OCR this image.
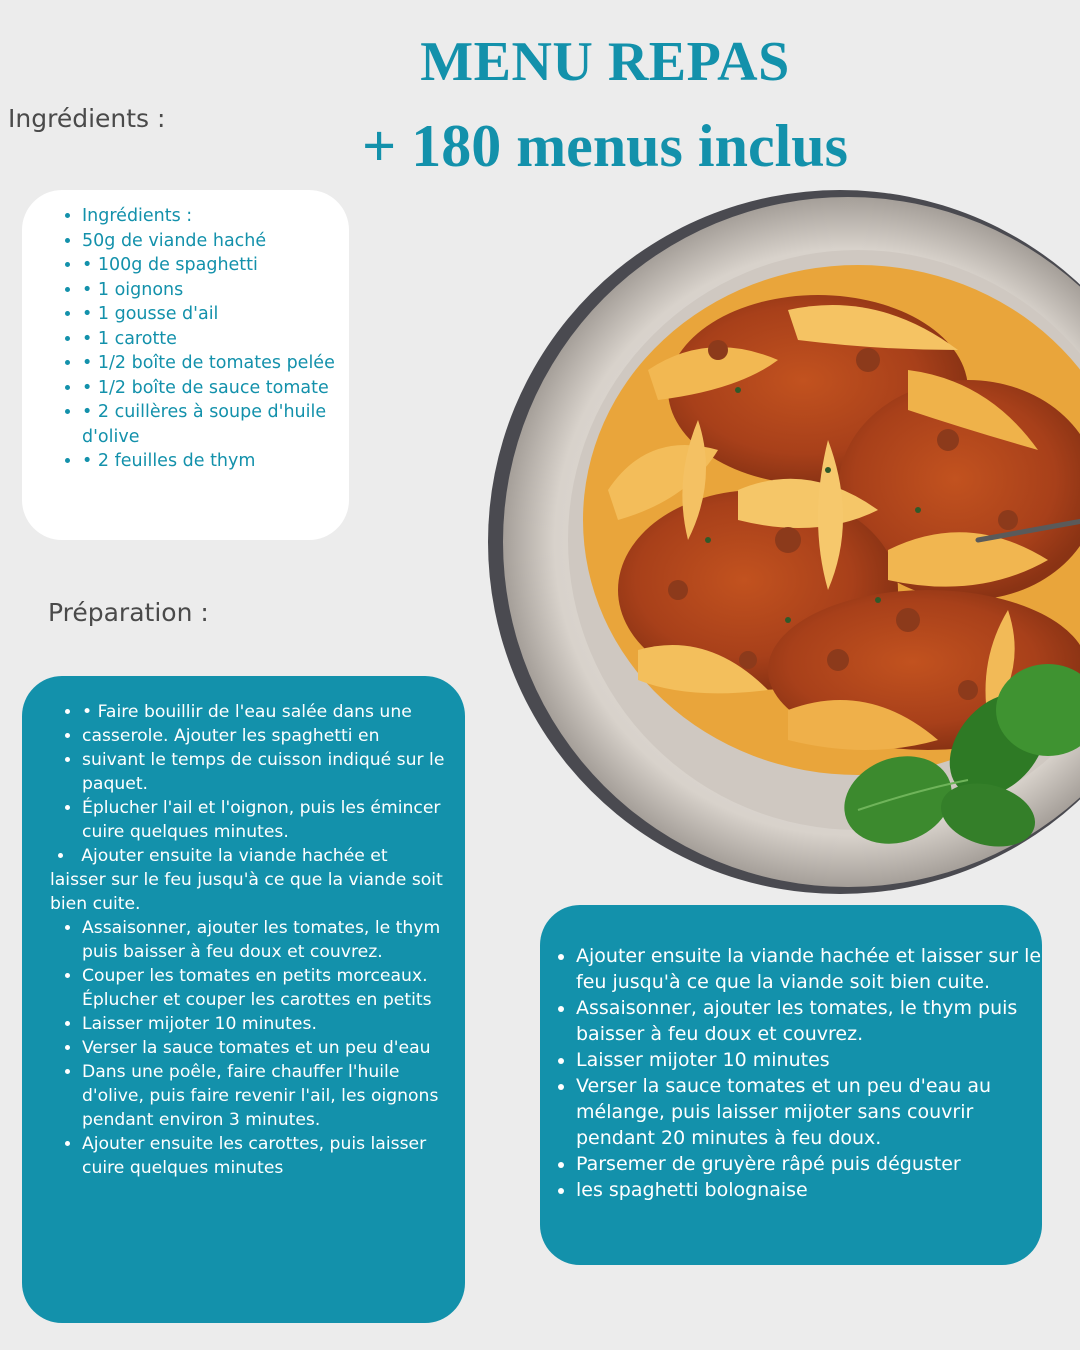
MENU REPAS
+ 180 menus inclus

Ingrédients :

• Ingrédients :
• 50g de viande haché
• • 100g de spaghetti
• • 1 oignons
• • 1 gousse d'ail
• • 1 carotte
• • 1/2 boîte de tomates pelée
• • 1/2 boîte de sauce tomate
• • 2 cuillères à soupe d'huile d'olive
• • 2 feuilles de thym

Préparation :

• • Faire bouillir de l'eau salée dans une
• casserole. Ajouter les spaghetti en
• suivant le temps de cuisson indiqué sur le paquet.
• Éplucher l'ail et l'oignon, puis les émincer cuire quelques minutes.
• Ajouter ensuite la viande hachée et
laisser sur le feu jusqu'à ce que la viande soit bien cuite.
• Assaisonner, ajouter les tomates, le thym puis baisser à feu doux et couvrez.
• Couper les tomates en petits morceaux. Éplucher et couper les carottes en petits
• Laisser mijoter 10 minutes.
• Verser la sauce tomates et un peu d'eau
• Dans une poêle, faire chauffer l'huile d'olive, puis faire revenir l'ail, les oignons pendant environ 3 minutes.
• Ajouter ensuite les carottes, puis laisser cuire quelques minutes
• Ajouter ensuite la viande hachée et laisser sur le feu jusqu'à ce que la viande soit bien cuite.
• Assaisonner, ajouter les tomates, le thym puis baisser à feu doux et couvrez.
• Laisser mijoter 10 minutes
• Verser la sauce tomates et un peu d'eau au mélange, puis laisser mijoter sans couvrir pendant 20 minutes à feu doux.
• Parsemer de gruyère râpé puis déguster
• les spaghetti bolognaise
